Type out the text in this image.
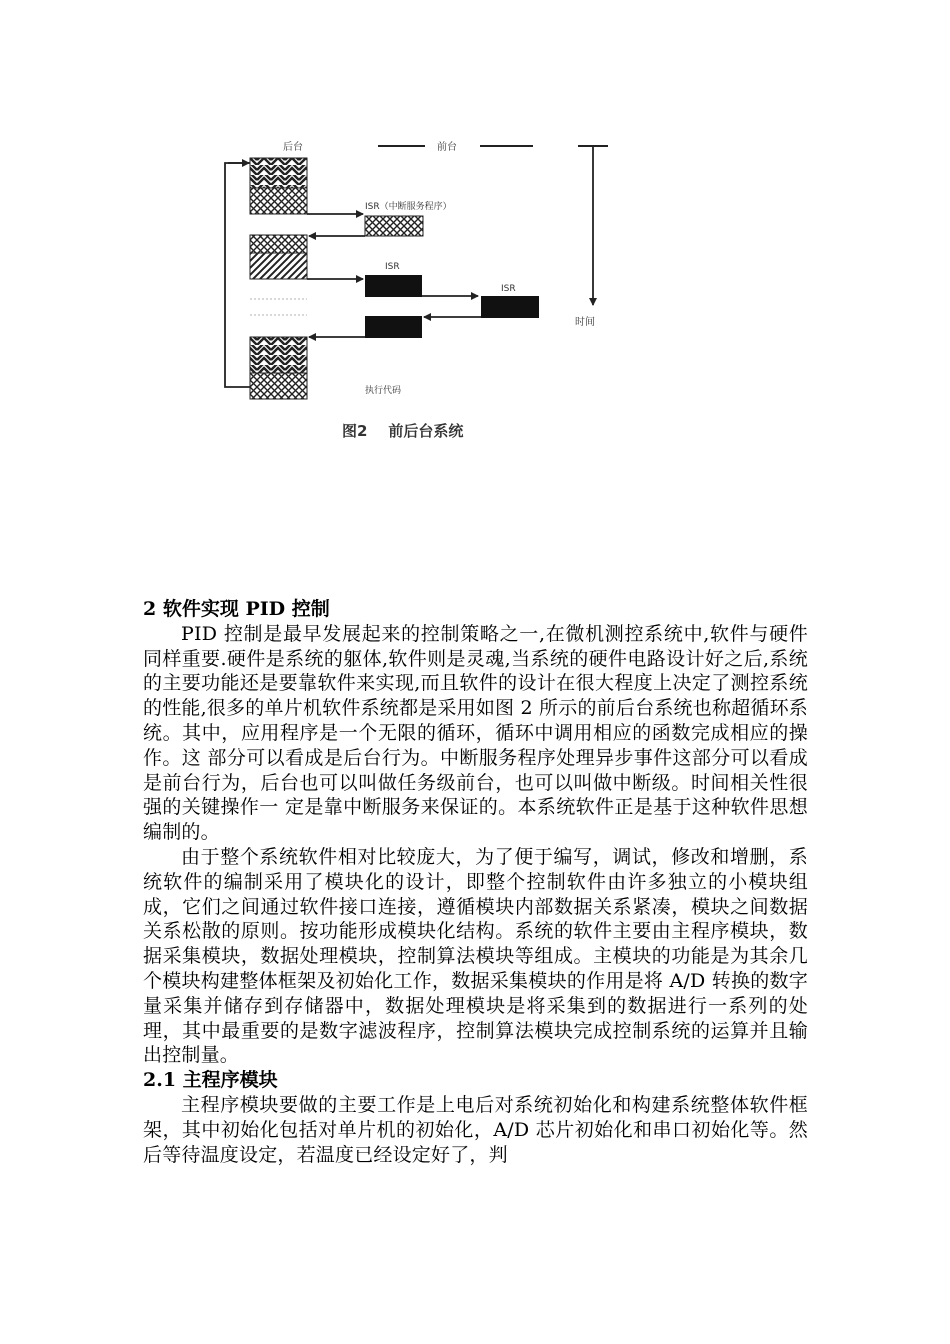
后台	前台
时间
ISR（中断服务程序）
ISR
ISR
执行代码
图2    前后台系统

2 软件实现 PID 控制

PID 控制是最早发展起来的控制策略之一,在微机测控系统中,软件与硬件同样重要.硬件是系统的躯体,软件则是灵魂,当系统的硬件电路设计好之后,系统的主要功能还是要靠软件来实现,而且软件的设计在很大程度上决定了测控系统的性能,很多的单片机软件系统都是采用如图 2 所示的前后台系统也称超循环系统。其中，应用程序是一个无限的循环，循环中调用相应的函数完成相应的操作。这 部分可以看成是后台行为。中断服务程序处理异步事件这部分可以看成是前台行为，后台也可以叫做任务级前台，也可以叫做中断级。时间相关性很强的关键操作一 定是靠中断服务来保证的。本系统软件正是基于这种软件思想编制的。

由于整个系统软件相对比较庞大，为了便于编写，调试，修改和增删，系统软件的编制采用了模块化的设计，即整个控制软件由许多独立的小模块组成，它们之间通过软件接口连接，遵循模块内部数据关系紧凑，模块之间数据关系松散的原则。按功能形成模块化结构。系统的软件主要由主程序模块，数据采集模块，数据处理模块，控制算法模块等组成。主模块的功能是为其余几个模块构建整体框架及初始化工作，数据采集模块的作用是将 A/D 转换的数字量采集并储存到存储器中，数据处理模块是将采集到的数据进行一系列的处理，其中最重要的是数字滤波程序，控制算法模块完成控制系统的运算并且输出控制量。

2.1 主程序模块

主程序模块要做的主要工作是上电后对系统初始化和构建系统整体软件框架，其中初始化包括对单片机的初始化，A/D 芯片初始化和串口初始化等。然后等待温度设定，若温度已经设定好了，判
